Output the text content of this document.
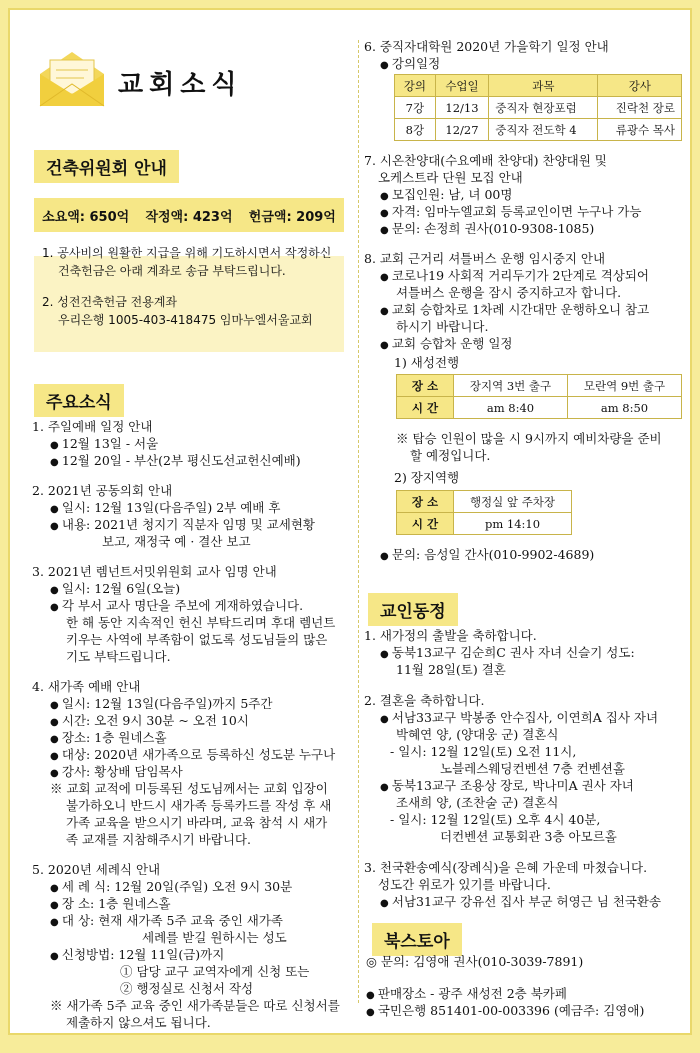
교회소식
건축위원회 안내
소요액: 650억 작정액: 423억 헌금액: 209억
1. 공사비의 원활한 지급을 위해 기도하시면서 작정하신
건축헌금은 아래 계좌로 송금 부탁드립니다.
2. 성전건축헌금 전용계좌
우리은행 1005-403-418475 임마누엘서울교회
주요소식
1. 주일예배 일정 안내
● 12월 13일 - 서울
● 12월 20일 - 부산(2부 평신도선교헌신예배)
2. 2021년 공동의회 안내
● 일시: 12월 13일(다음주일) 2부 예배 후
● 내용: 2021년 청지기 직분자 임명 및 교세현황
보고, 재정국 예 · 결산 보고
3. 2021년 렘넌트서밋위원회 교사 임명 안내
● 일시: 12월 6일(오늘)
● 각 부서 교사 명단을 주보에 게재하였습니다.
한 해 동안 지속적인 헌신 부탁드리며 후대 렘넌트
키우는 사역에 부족함이 없도록 성도님들의 많은
기도 부탁드립니다.
4. 새가족 예배 안내
● 일시: 12월 13일(다음주일)까지 5주간
● 시간: 오전 9시 30분 ~ 오전 10시
● 장소: 1층 원네스홀
● 대상: 2020년 새가족으로 등록하신 성도분 누구나
● 강사: 황상배 담임목사
※ 교회 교적에 미등록된 성도님께서는 교회 입장이
불가하오니 반드시 새가족 등록카드를 작성 후 새
가족 교육을 받으시기 바라며, 교육 참석 시 새가
족 교재를 지참해주시기 바랍니다.
5. 2020년 세례식 안내
● 세 례 식: 12월 20일(주일) 오전 9시 30분
● 장 소: 1층 원네스홀
● 대 상: 현재 새가족 5주 교육 중인 새가족
세례를 받길 원하시는 성도
● 신청방법: 12월 11일(금)까지
① 담당 교구 교역자에게 신청 또는
② 행정실로 신청서 작성
※ 새가족 5주 교육 중인 새가족분들은 따로 신청서를
제출하지 않으셔도 됩니다.
6. 중직자대학원 2020년 가을학기 일정 안내
● 강의일정
강의	수업일	과목	강사
7강	12/13	중직자 현장포럼	진락천 장로
8강	12/27	중직자 전도학 4	류광수 목사
7. 시온찬양대(수요예배 찬양대) 찬양대원 및
오케스트라 단원 모집 안내
● 모집인원: 남, 녀 00명
● 자격: 임마누엘교회 등록교인이면 누구나 가능
● 문의: 손정희 권사(010-9308-1085)
8. 교회 근거리 셔틀버스 운행 임시중지 안내
● 코로나19 사회적 거리두기가 2단계로 격상되어
셔틀버스 운행을 잠시 중지하고자 합니다.
● 교회 승합차로 1차례 시간대만 운행하오니 참고
하시기 바랍니다.
● 교회 승합차 운행 일정
1) 새성전행
장 소	장지역 3번 출구	모란역 9번 출구
시 간	am 8:40	am 8:50
※ 탑승 인원이 많을 시 9시까지 예비차량을 준비
할 예정입니다.
2) 장지역행
장 소	행정실 앞 주차장
시 간	pm 14:10
● 문의: 음성일 간사(010-9902-4689)
교인동정
1. 새가정의 출발을 축하합니다.
● 동북13교구 김순희C 권사 자녀 신슬기 성도:
11월 28일(토) 결혼
2. 결혼을 축하합니다.
● 서남33교구 박봉종 안수집사, 이연희A 집사 자녀
박혜연 양, (양대웅 군) 결혼식
- 일시: 12월 12일(토) 오전 11시,
노블레스웨딩컨벤션 7층 컨벤션홀
● 동북13교구 조용상 장로, 박나미A 권사 자녀
조새희 양, (조찬술 군) 결혼식
- 일시: 12월 12일(토) 오후 4시 40분,
더컨벤션 교통회관 3층 아모르홀
3. 천국환송예식(장례식)을 은혜 가운데 마쳤습니다.
성도간 위로가 있기를 바랍니다.
● 서남31교구 강유선 집사 부군 허영근 님 천국환송
북스토아
◎ 문의: 김영애 권사(010-3039-7891)
● 판매장소 - 광주 새성전 2층 북카페
● 국민은행 851401-00-003396 (예금주: 김영애)
